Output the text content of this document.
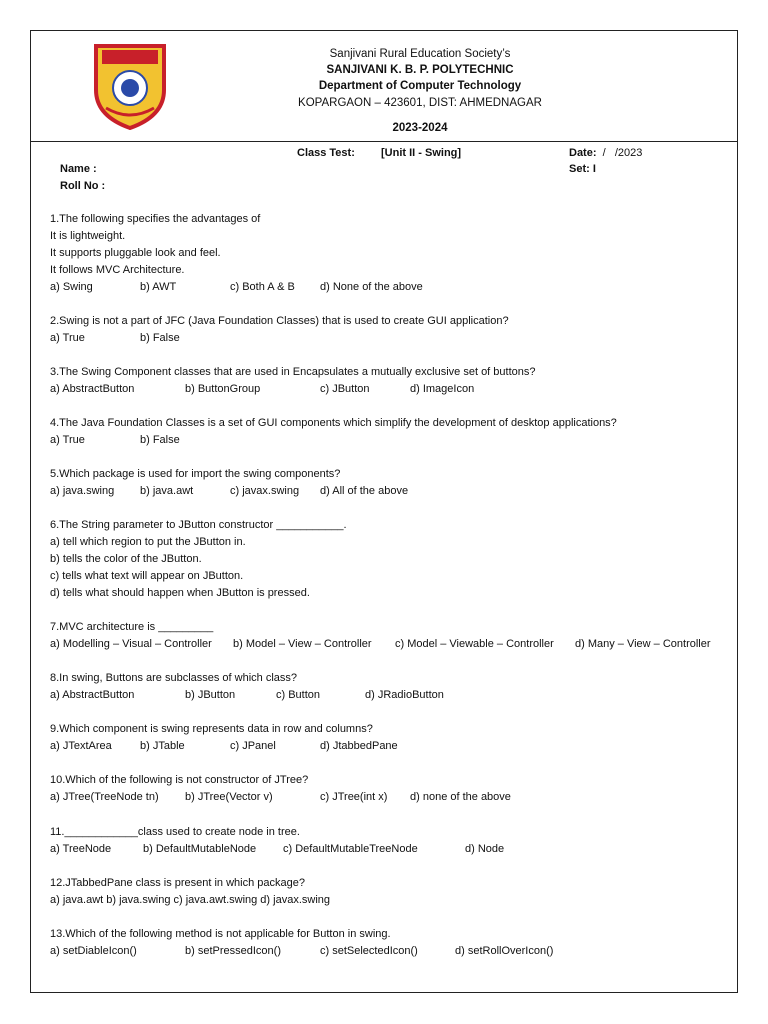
Sanjivani Rural Education Society’s
SANJIVANI K. B. P. POLYTECHNIC
Department of Computer Technology
KOPARGAON – 423601, DIST: AHMEDNAGAR
2023-2024
Class Test: [Unit II - Swing]	Date:  /   /2023
Set: I
Name :
Roll No :
1.The following specifies the advantages of
It is lightweight.
It supports pluggable look and feel.
It follows MVC Architecture.
a) Swing	b) AWT	c) Both A & B d) None of the above
2.Swing is not a part of JFC (Java Foundation Classes) that is used to create GUI application?
a) True	b) False
3.The Swing Component classes that are used in Encapsulates a mutually exclusive set of buttons?
a) AbstractButton	b) ButtonGroup	c) JButton	d) ImageIcon
4.The Java Foundation Classes is a set of GUI components which simplify the development of desktop applications?
a) True	b) False
5.Which package is used for import the swing components?
a) java.swing b) java.awt	c) javax.swing d) All of the above
6.The String parameter to JButton constructor ___________.
a) tell which region to put the JButton in.
b) tells the color of the JButton.
c) tells what text will appear on JButton.
d) tells what should happen when JButton is pressed.
7.MVC architecture is _________
a) Modelling – Visual – Controller b) Model – View – Controller c) Model – Viewable – Controller d) Many – View – Controller
8.In swing, Buttons are subclasses of which class?
a) AbstractButton	b) JButton	c) Button	d) JRadioButton
9.Which component is swing represents data in row and columns?
a) JTextArea	b) JTable	c) JPanel	d) JtabbedPane
10.Which of the following is not constructor of JTree?
a) JTree(TreeNode tn) b) JTree(Vector v)	c) JTree(int x) d) none of the above
11.____________class used to create node in tree.
a) TreeNode	b) DefaultMutableNode c) DefaultMutableTreeNode	d) Node
12.JTabbedPane class is present in which package?
a) java.awt b) java.swing c) java.awt.swing d) javax.swing
13.Which of the following method is not applicable for Button in swing.
a) setDiableIcon()	b) setPressedIcon()	c) setSelectedIcon()	d) setRollOverIcon()
